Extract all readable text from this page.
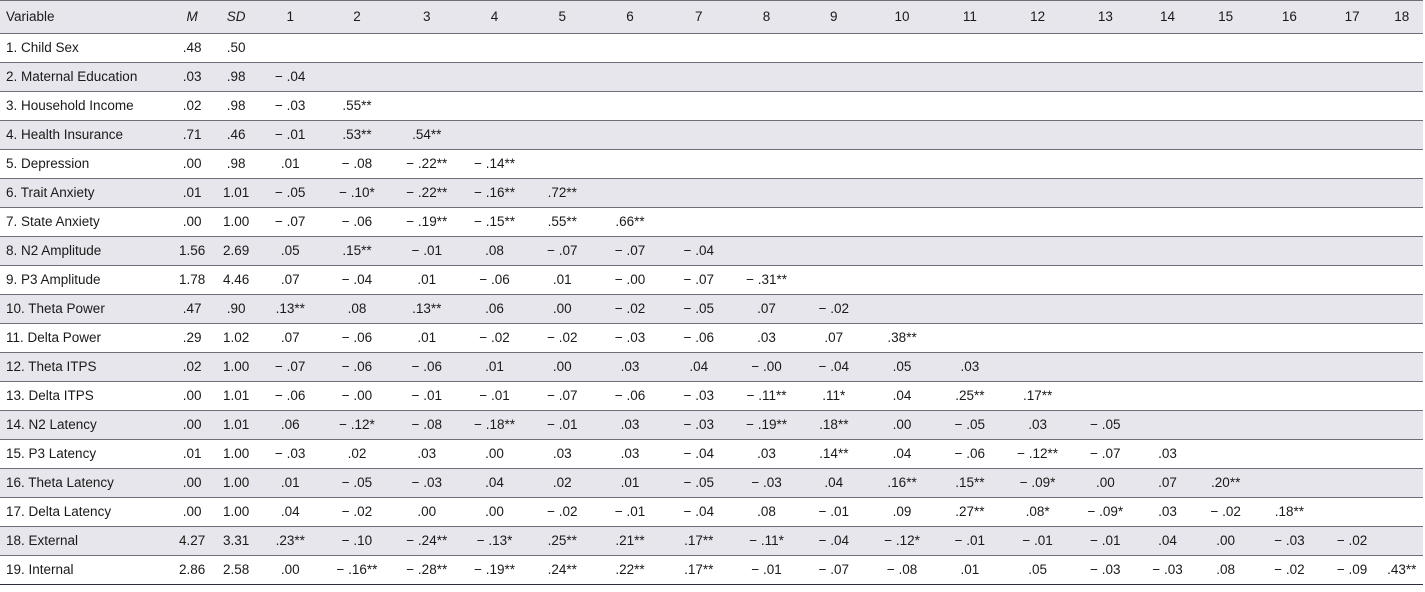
Variable	M	SD	1	2	3	4	5	6	7	8	9	10	11	12	13	14	15	16	17	18
1. Child Sex	.48	.50																		
2. Maternal Education	.03	.98	− .04																	
3. Household Income	.02	.98	− .03	.55**																
4. Health Insurance	.71	.46	− .01	.53**	.54**															
5. Depression	.00	.98	.01	− .08	− .22**	− .14**														
6. Trait Anxiety	.01	1.01	− .05	− .10*	− .22**	− .16**	.72**													
7. State Anxiety	.00	1.00	− .07	− .06	− .19**	− .15**	.55**	.66**												
8. N2 Amplitude	1.56	2.69	.05	.15**	− .01	.08	− .07	− .07	− .04											
9. P3 Amplitude	1.78	4.46	.07	− .04	.01	− .06	.01	− .00	− .07	− .31**										
10. Theta Power	.47	.90	.13**	.08	.13**	.06	.00	− .02	− .05	.07	− .02									
11. Delta Power	.29	1.02	.07	− .06	.01	− .02	− .02	− .03	− .06	.03	.07	.38**								
12. Theta ITPS	.02	1.00	− .07	− .06	− .06	.01	.00	.03	.04	− .00	− .04	.05	.03							
13. Delta ITPS	.00	1.01	− .06	− .00	− .01	− .01	− .07	− .06	− .03	− .11**	.11*	.04	.25**	.17**						
14. N2 Latency	.00	1.01	.06	− .12*	− .08	− .18**	− .01	.03	− .03	− .19**	.18**	.00	− .05	.03	− .05					
15. P3 Latency	.01	1.00	− .03	.02	.03	.00	.03	.03	− .04	.03	.14**	.04	− .06	− .12**	− .07	.03				
16. Theta Latency	.00	1.00	.01	− .05	− .03	.04	.02	.01	− .05	− .03	.04	.16**	.15**	− .09*	.00	.07	.20**			
17. Delta Latency	.00	1.00	.04	− .02	.00	.00	− .02	− .01	− .04	.08	− .01	.09	.27**	.08*	− .09*	.03	− .02	.18**		
18. External	4.27	3.31	.23**	− .10	− .24**	− .13*	.25**	.21**	.17**	− .11*	− .04	− .12*	− .01	− .01	− .01	.04	.00	− .03	− .02	
19. Internal	2.86	2.58	.00	− .16**	− .28**	− .19**	.24**	.22**	.17**	− .01	− .07	− .08	.01	.05	− .03	− .03	.08	− .02	− .09	.43**
